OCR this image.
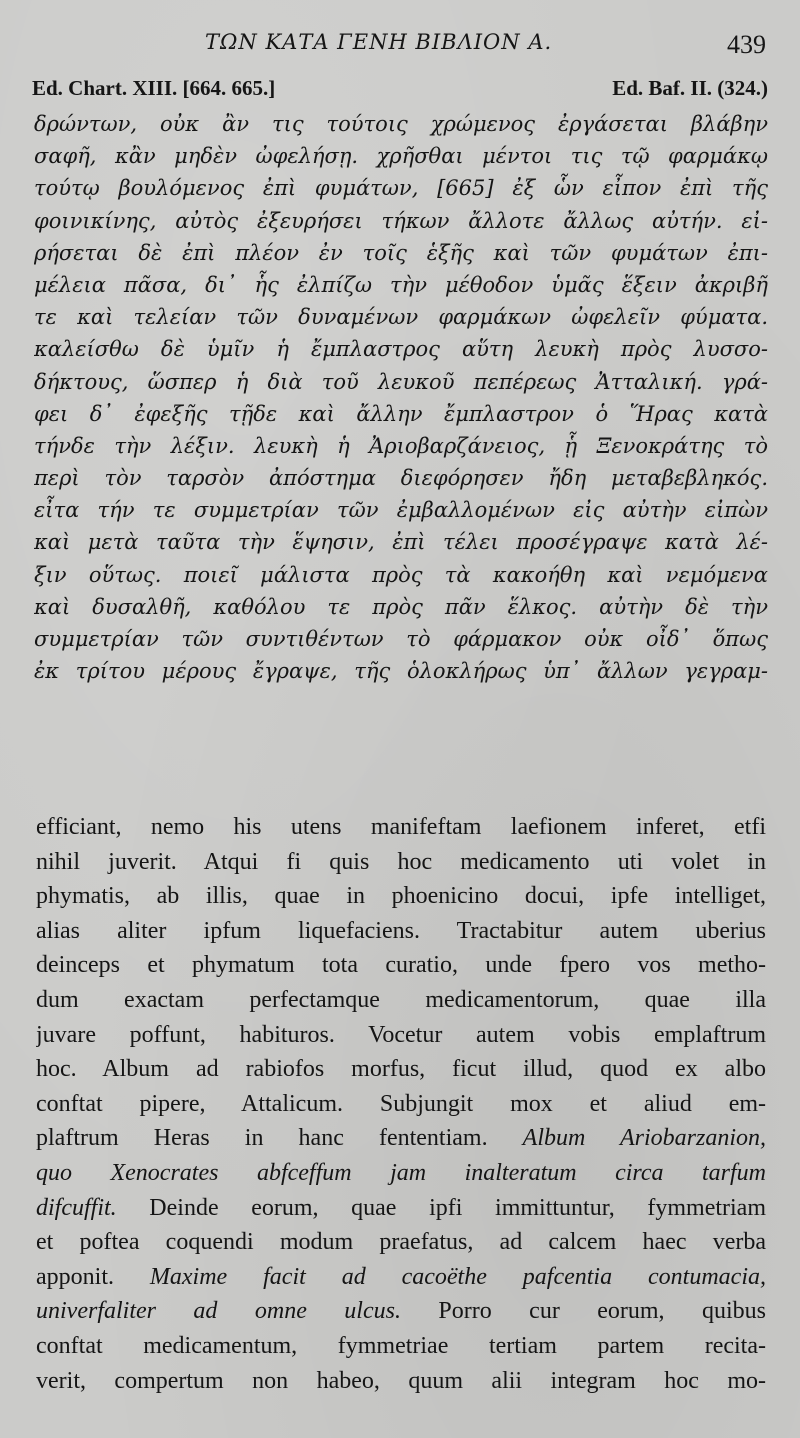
ΤΩΝ ΚΑΤΑ ΓΕΝΗ ΒΙΒΛΙΟΝ Α.	439
Ed. Chart. XIII. [664. 665.]	Ed. Baf. II. (324.)
δρώντων, οὐκ ἂν τις τούτοις χρώμενος ἐργάσεται βλάβην
σαφῆ, κἂν μηδὲν ὠφελήσῃ. χρῆσθαι μέντοι τις τῷ φαρμάκῳ
τούτῳ βουλόμενος ἐπὶ φυμάτων, [665] ἐξ ὧν εἶπον ἐπὶ τῆς
φοινικίνης, αὐτὸς ἐξευρήσει τήκων ἄλλοτε ἄλλως αὐτήν. εἰ-
ρήσεται δὲ ἐπὶ πλέον ἐν τοῖς ἑξῆς καὶ τῶν φυμάτων ἐπι-
μέλεια πᾶσα, δι᾽ ἧς ἐλπίζω τὴν μέθοδον ὑμᾶς ἕξειν ἀκριβῆ
τε καὶ τελείαν τῶν δυναμένων φαρμάκων ὠφελεῖν φύματα.
καλείσθω δὲ ὑμῖν ἡ ἔμπλαστρος αὕτη λευκὴ πρὸς λυσσο-
δήκτους, ὥσπερ ἡ διὰ τοῦ λευκοῦ πεπέρεως Ἀτταλική. γρά-
φει δ᾽ ἐφεξῆς τῇδε καὶ ἄλλην ἔμπλαστρον ὁ Ἥρας κατὰ
τήνδε τὴν λέξιν. λευκὴ ἡ Ἀριοβαρζάνειος, ᾗ Ξενοκράτης τὸ
περὶ τὸν ταρσὸν ἀπόστημα διεφόρησεν ἤδη μεταβεβληκός.
εἶτα τήν τε συμμετρίαν τῶν ἐμβαλλομένων εἰς αὐτὴν εἰπὼν
καὶ μετὰ ταῦτα τὴν ἕψησιν, ἐπὶ τέλει προσέγραψε κατὰ λέ-
ξιν οὕτως. ποιεῖ μάλιστα πρὸς τὰ κακοήθη καὶ νεμόμενα
καὶ δυσαλθῆ, καθόλου τε πρὸς πᾶν ἕλκος. αὐτὴν δὲ τὴν
συμμετρίαν τῶν συντιθέντων τὸ φάρμακον οὐκ οἶδ᾽ ὅπως
ἐκ τρίτου μέρους ἔγραψε, τῆς ὁλοκλήρως ὑπ᾽ ἄλλων γεγραμ-
efficiant, nemo his utens manifeftam laefionem inferet, etfi
nihil juverit. Atqui fi quis hoc medicamento uti volet in
phymatis, ab illis, quae in phoenicino docui, ipfe intelliget,
alias aliter ipfum liquefaciens. Tractabitur autem uberius
deinceps et phymatum tota curatio, unde fpero vos metho-
dum exactam perfectamque medicamentorum, quae illa
juvare poffunt, habituros. Vocetur autem vobis emplaftrum
hoc. Album ad rabiofos morfus, ficut illud, quod ex albo
conftat pipere, Attalicum. Subjungit mox et aliud em-
plaftrum Heras in hanc fententiam. Album Ariobarzanion,
quo Xenocrates abfceffum jam inalteratum circa tarfum
difcuffit. Deinde eorum, quae ipfi immittuntur, fymmetriam
et poftea coquendi modum praefatus, ad calcem haec verba
apponit. Maxime facit ad cacoëthe pafcentia contumacia,
univerfaliter ad omne ulcus. Porro cur eorum, quibus
conftat medicamentum, fymmetriae tertiam partem recita-
verit, compertum non habeo, quum alii integram hoc mo-
